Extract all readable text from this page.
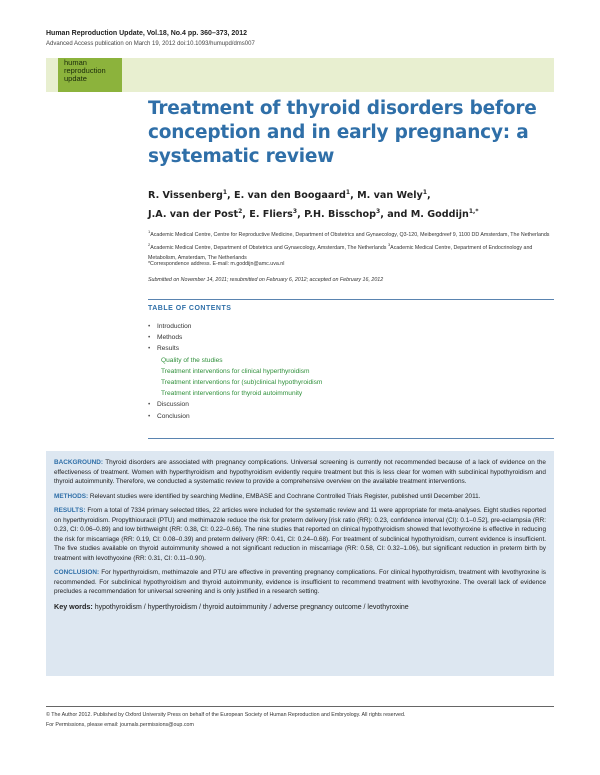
Human Reproduction Update, Vol.18, No.4 pp. 360–373, 2012
Advanced Access publication on March 19, 2012 doi:10.1093/humupd/dms007
human
reproduction
update
Treatment of thyroid disorders before conception and in early pregnancy: a systematic review
R. Vissenberg$^1$, E. van den Boogaard$^1$, M. van Wely$^1$,
J.A. van der Post$^2$, E. Fliers$^3$, P.H. Bisschop$^3$, and M. Goddijn$^{1,*}$
$^1$Academic Medical Centre, Centre for Reproductive Medicine, Department of Obstetrics and Gynaecology, Q3-120, Meibergdreef 9, 1100 DD Amsterdam, The Netherlands $^2$Academic Medical Centre, Department of Obstetrics and Gynaecology, Amsterdam, The Netherlands $^3$Academic Medical Centre, Department of Endocrinology and Metabolism, Amsterdam, The Netherlands
*Correspondence address. E-mail: m.goddijn@amc.uva.nl
Submitted on November 14, 2011; resubmitted on February 6, 2012; accepted on February 16, 2012
TABLE OF CONTENTS
• Introduction
• Methods
• Results
Quality of the studies
Treatment interventions for clinical hyperthyroidism
Treatment interventions for (sub)clinical hypothyroidism
Treatment interventions for thyroid autoimmunity
• Discussion
• Conclusion

BACKGROUND: Thyroid disorders are associated with pregnancy complications. Universal screening is currently not recommended because of a lack of evidence on the effectiveness of treatment. Women with hyperthyroidism and hypothyroidism evidently require treatment but this is less clear for women with subclinical hypothyroidism and thyroid autoimmunity. Therefore, we conducted a systematic review to provide a comprehensive overview on the available treatment interventions.

METHODS: Relevant studies were identified by searching Medline, EMBASE and Cochrane Controlled Trials Register, published until December 2011.

RESULTS: From a total of 7334 primary selected titles, 22 articles were included for the systematic review and 11 were appropriate for meta-analyses. Eight studies reported on hyperthyroidism. Propylthiouracil (PTU) and methimazole reduce the risk for preterm delivery [risk ratio (RR): 0.23, confidence interval (CI): 0.1–0.52], pre-eclampsia (RR: 0.23, CI: 0.06–0.89) and low birthweight (RR: 0.38, CI: 0.22–0.66). The nine studies that reported on clinical hypothyroidism showed that levothyroxine is effective in reducing the risk for miscarriage (RR: 0.19, CI: 0.08–0.39) and preterm delivery (RR: 0.41, CI: 0.24–0.68). For treatment of subclinical hypothyroidism, current evidence is insufficient. The five studies available on thyroid autoimmunity showed a not significant reduction in miscarriage (RR: 0.58, CI: 0.32–1.06), but significant reduction in preterm birth by treatment with levothyoxine (RR: 0.31, CI: 0.11–0.90).

CONCLUSION: For hyperthyroidism, methimazole and PTU are effective in preventing pregnancy complications. For clinical hypothyroidism, treatment with levothyroxine is recommended. For subclinical hypothyroidism and thyroid autoimmunity, evidence is insufficient to recommend treatment with levothyroxine. The overall lack of evidence precludes a recommendation for universal screening and is only justified in a research setting.

Key words: hypothyroidism / hyperthyroidism / thyroid autoimmunity / adverse pregnancy outcome / levothyroxine

© The Author 2012. Published by Oxford University Press on behalf of the European Society of Human Reproduction and Embryology. All rights reserved.
For Permissions, please email: journals.permissions@oup.com
